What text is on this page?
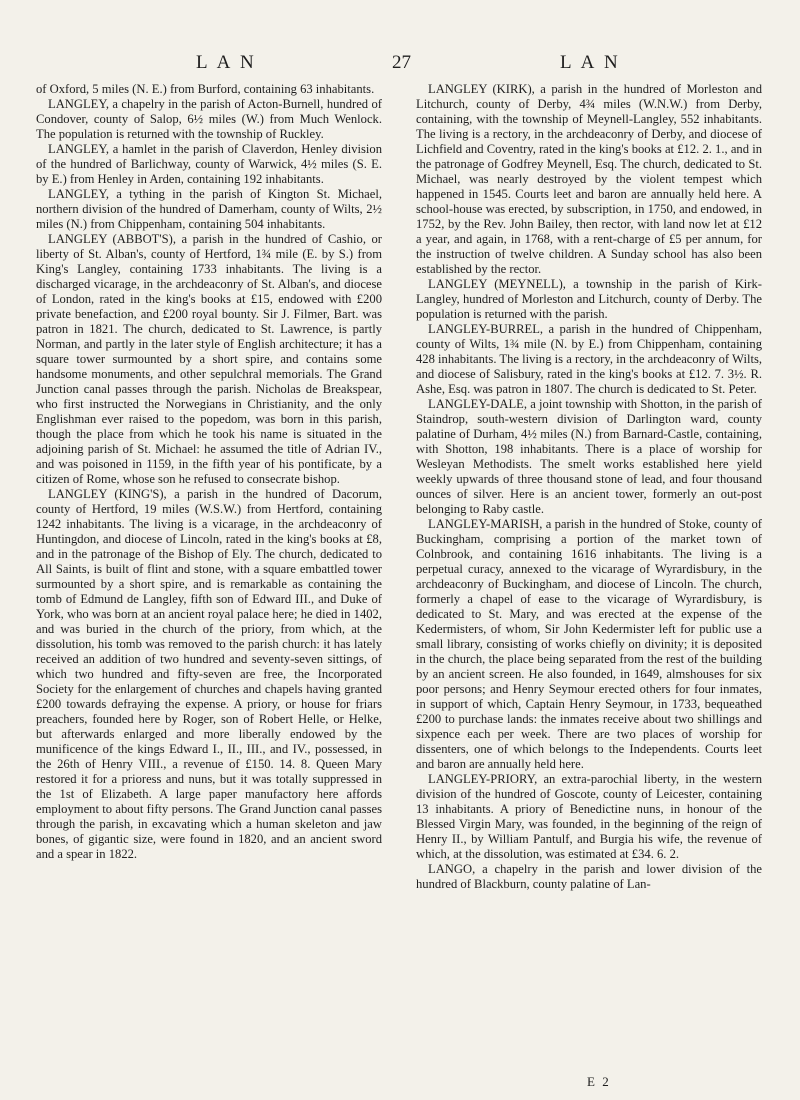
L A N	27	L A N

of Oxford, 5 miles (N. E.) from Burford, containing 63 inhabitants.

LANGLEY, a chapelry in the parish of Acton-Burnell, hundred of Condover, county of Salop, 6½ miles (W.) from Much Wenlock. The population is returned with the township of Ruckley.

LANGLEY, a hamlet in the parish of Claverdon, Henley division of the hundred of Barlichway, county of Warwick, 4½ miles (S. E. by E.) from Henley in Arden, containing 192 inhabitants.

LANGLEY, a tything in the parish of Kington St. Michael, northern division of the hundred of Damerham, county of Wilts, 2½ miles (N.) from Chippenham, containing 504 inhabitants.

LANGLEY (ABBOT'S), a parish in the hundred of Cashio, or liberty of St. Alban's, county of Hertford, 1¾ mile (E. by S.) from King's Langley, containing 1733 inhabitants. The living is a discharged vicarage, in the archdeaconry of St. Alban's, and diocese of London, rated in the king's books at £15, endowed with £200 private benefaction, and £200 royal bounty. Sir J. Filmer, Bart. was patron in 1821. The church, dedicated to St. Lawrence, is partly Norman, and partly in the later style of English architecture; it has a square tower surmounted by a short spire, and contains some handsome monuments, and other sepulchral memorials. The Grand Junction canal passes through the parish. Nicholas de Breakspear, who first instructed the Norwegians in Christianity, and the only Englishman ever raised to the popedom, was born in this parish, though the place from which he took his name is situated in the adjoining parish of St. Michael: he assumed the title of Adrian IV., and was poisoned in 1159, in the fifth year of his pontificate, by a citizen of Rome, whose son he refused to consecrate bishop.

LANGLEY (KING'S), a parish in the hundred of Dacorum, county of Hertford, 19 miles (W.S.W.) from Hertford, containing 1242 inhabitants. The living is a vicarage, in the archdeaconry of Huntingdon, and diocese of Lincoln, rated in the king's books at £8, and in the patronage of the Bishop of Ely. The church, dedicated to All Saints, is built of flint and stone, with a square embattled tower surmounted by a short spire, and is remarkable as containing the tomb of Edmund de Langley, fifth son of Edward III., and Duke of York, who was born at an ancient royal palace here; he died in 1402, and was buried in the church of the priory, from which, at the dissolution, his tomb was removed to the parish church: it has lately received an addition of two hundred and seventy-seven sittings, of which two hundred and fifty-seven are free, the Incorporated Society for the enlargement of churches and chapels having granted £200 towards defraying the expense. A priory, or house for friars preachers, founded here by Roger, son of Robert Helle, or Helke, but afterwards enlarged and more liberally endowed by the munificence of the kings Edward I., II., III., and IV., possessed, in the 26th of Henry VIII., a revenue of £150. 14. 8. Queen Mary restored it for a prioress and nuns, but it was totally suppressed in the 1st of Elizabeth. A large paper manufactory here affords employment to about fifty persons. The Grand Junction canal passes through the parish, in excavating which a human skeleton and jaw bones, of gigantic size, were found in 1820, and an ancient sword and a spear in 1822.

LANGLEY (KIRK), a parish in the hundred of Morleston and Litchurch, county of Derby, 4¾ miles (W.N.W.) from Derby, containing, with the township of Meynell-Langley, 552 inhabitants. The living is a rectory, in the archdeaconry of Derby, and diocese of Lichfield and Coventry, rated in the king's books at £12. 2. 1., and in the patronage of Godfrey Meynell, Esq. The church, dedicated to St. Michael, was nearly destroyed by the violent tempest which happened in 1545. Courts leet and baron are annually held here. A school-house was erected, by subscription, in 1750, and endowed, in 1752, by the Rev. John Bailey, then rector, with land now let at £12 a year, and again, in 1768, with a rent-charge of £5 per annum, for the instruction of twelve children. A Sunday school has also been established by the rector.

LANGLEY (MEYNELL), a township in the parish of Kirk-Langley, hundred of Morleston and Litchurch, county of Derby. The population is returned with the parish.

LANGLEY-BURREL, a parish in the hundred of Chippenham, county of Wilts, 1¾ mile (N. by E.) from Chippenham, containing 428 inhabitants. The living is a rectory, in the archdeaconry of Wilts, and diocese of Salisbury, rated in the king's books at £12. 7. 3½. R. Ashe, Esq. was patron in 1807. The church is dedicated to St. Peter.

LANGLEY-DALE, a joint township with Shotton, in the parish of Staindrop, south-western division of Darlington ward, county palatine of Durham, 4½ miles (N.) from Barnard-Castle, containing, with Shotton, 198 inhabitants. There is a place of worship for Wesleyan Methodists. The smelt works established here yield weekly upwards of three thousand stone of lead, and four thousand ounces of silver. Here is an ancient tower, formerly an out-post belonging to Raby castle.

LANGLEY-MARISH, a parish in the hundred of Stoke, county of Buckingham, comprising a portion of the market town of Colnbrook, and containing 1616 inhabitants. The living is a perpetual curacy, annexed to the vicarage of Wyrardisbury, in the archdeaconry of Buckingham, and diocese of Lincoln. The church, formerly a chapel of ease to the vicarage of Wyrardisbury, is dedicated to St. Mary, and was erected at the expense of the Kedermisters, of whom, Sir John Kedermister left for public use a small library, consisting of works chiefly on divinity; it is deposited in the church, the place being separated from the rest of the building by an ancient screen. He also founded, in 1649, almshouses for six poor persons; and Henry Seymour erected others for four inmates, in support of which, Captain Henry Seymour, in 1733, bequeathed £200 to purchase lands: the inmates receive about two shillings and sixpence each per week. There are two places of worship for dissenters, one of which belongs to the Independents. Courts leet and baron are annually held here.

LANGLEY-PRIORY, an extra-parochial liberty, in the western division of the hundred of Goscote, county of Leicester, containing 13 inhabitants. A priory of Benedictine nuns, in honour of the Blessed Virgin Mary, was founded, in the beginning of the reign of Henry II., by William Pantulf, and Burgia his wife, the revenue of which, at the dissolution, was estimated at £34. 6. 2.

LANGO, a chapelry in the parish and lower division of the hundred of Blackburn, county palatine of Lan-

E 2
